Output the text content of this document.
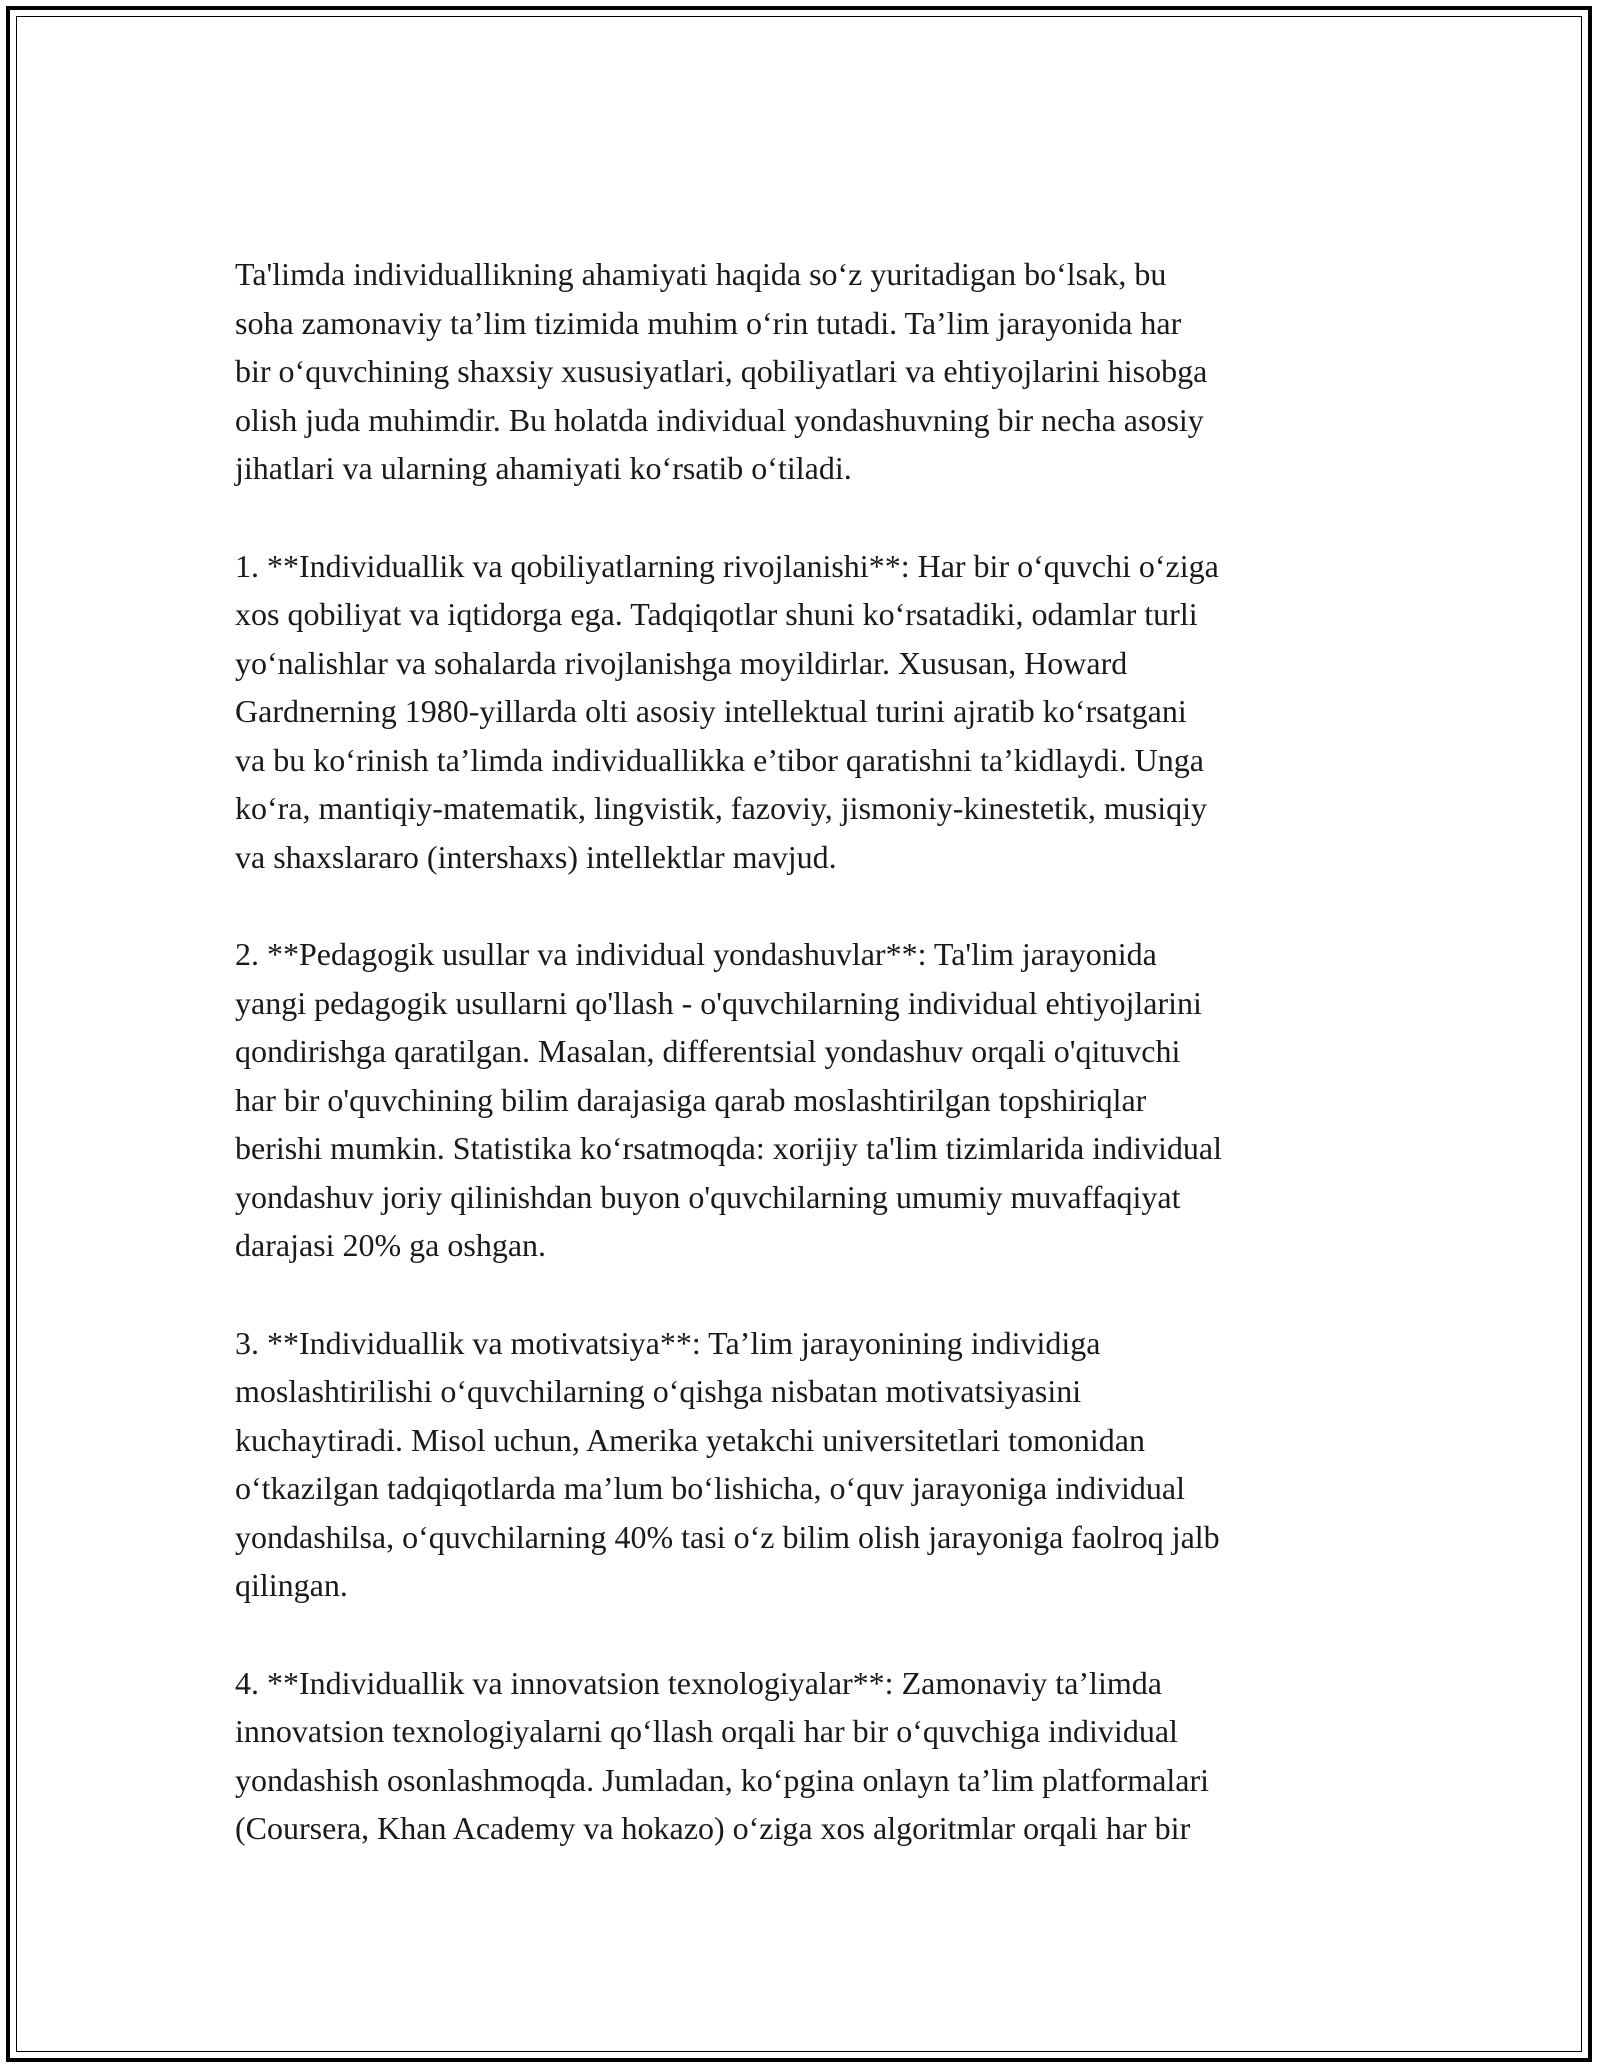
Ta'limda individuallikning ahamiyati haqida so‘z yuritadigan bo‘lsak, bu
soha zamonaviy ta’lim tizimida muhim o‘rin tutadi. Ta’lim jarayonida har
bir o‘quvchining shaxsiy xususiyatlari, qobiliyatlari va ehtiyojlarini hisobga
olish juda muhimdir. Bu holatda individual yondashuvning bir necha asosiy
jihatlari va ularning ahamiyati ko‘rsatib o‘tiladi.

1. **Individuallik va qobiliyatlarning rivojlanishi**: Har bir o‘quvchi o‘ziga
xos qobiliyat va iqtidorga ega. Tadqiqotlar shuni ko‘rsatadiki, odamlar turli
yo‘nalishlar va sohalarda rivojlanishga moyildirlar. Xususan, Howard
Gardnerning 1980-yillarda olti asosiy intellektual turini ajratib ko‘rsatgani
va bu ko‘rinish ta’limda individuallikka e’tibor qaratishni ta’kidlaydi. Unga
ko‘ra, mantiqiy-matematik, lingvistik, fazoviy, jismoniy-kinestetik, musiqiy
va shaxslararo (intershaxs) intellektlar mavjud.

2. **Pedagogik usullar va individual yondashuvlar**: Ta'lim jarayonida
yangi pedagogik usullarni qo'llash - o'quvchilarning individual ehtiyojlarini
qondirishga qaratilgan. Masalan, differentsial yondashuv orqali o'qituvchi
har bir o'quvchining bilim darajasiga qarab moslashtirilgan topshiriqlar
berishi mumkin. Statistika ko‘rsatmoqda: xorijiy ta'lim tizimlarida individual
yondashuv joriy qilinishdan buyon o'quvchilarning umumiy muvaffaqiyat
darajasi 20% ga oshgan.

3. **Individuallik va motivatsiya**: Ta’lim jarayonining individiga
moslashtirilishi o‘quvchilarning o‘qishga nisbatan motivatsiyasini
kuchaytiradi. Misol uchun, Amerika yetakchi universitetlari tomonidan
o‘tkazilgan tadqiqotlarda ma’lum bo‘lishicha, o‘quv jarayoniga individual
yondashilsa, o‘quvchilarning 40% tasi o‘z bilim olish jarayoniga faolroq jalb
qilingan.

4. **Individuallik va innovatsion texnologiyalar**: Zamonaviy ta’limda
innovatsion texnologiyalarni qo‘llash orqali har bir o‘quvchiga individual
yondashish osonlashmoqda. Jumladan, ko‘pgina onlayn ta’lim platformalari
(Coursera, Khan Academy va hokazo) o‘ziga xos algoritmlar orqali har bir
